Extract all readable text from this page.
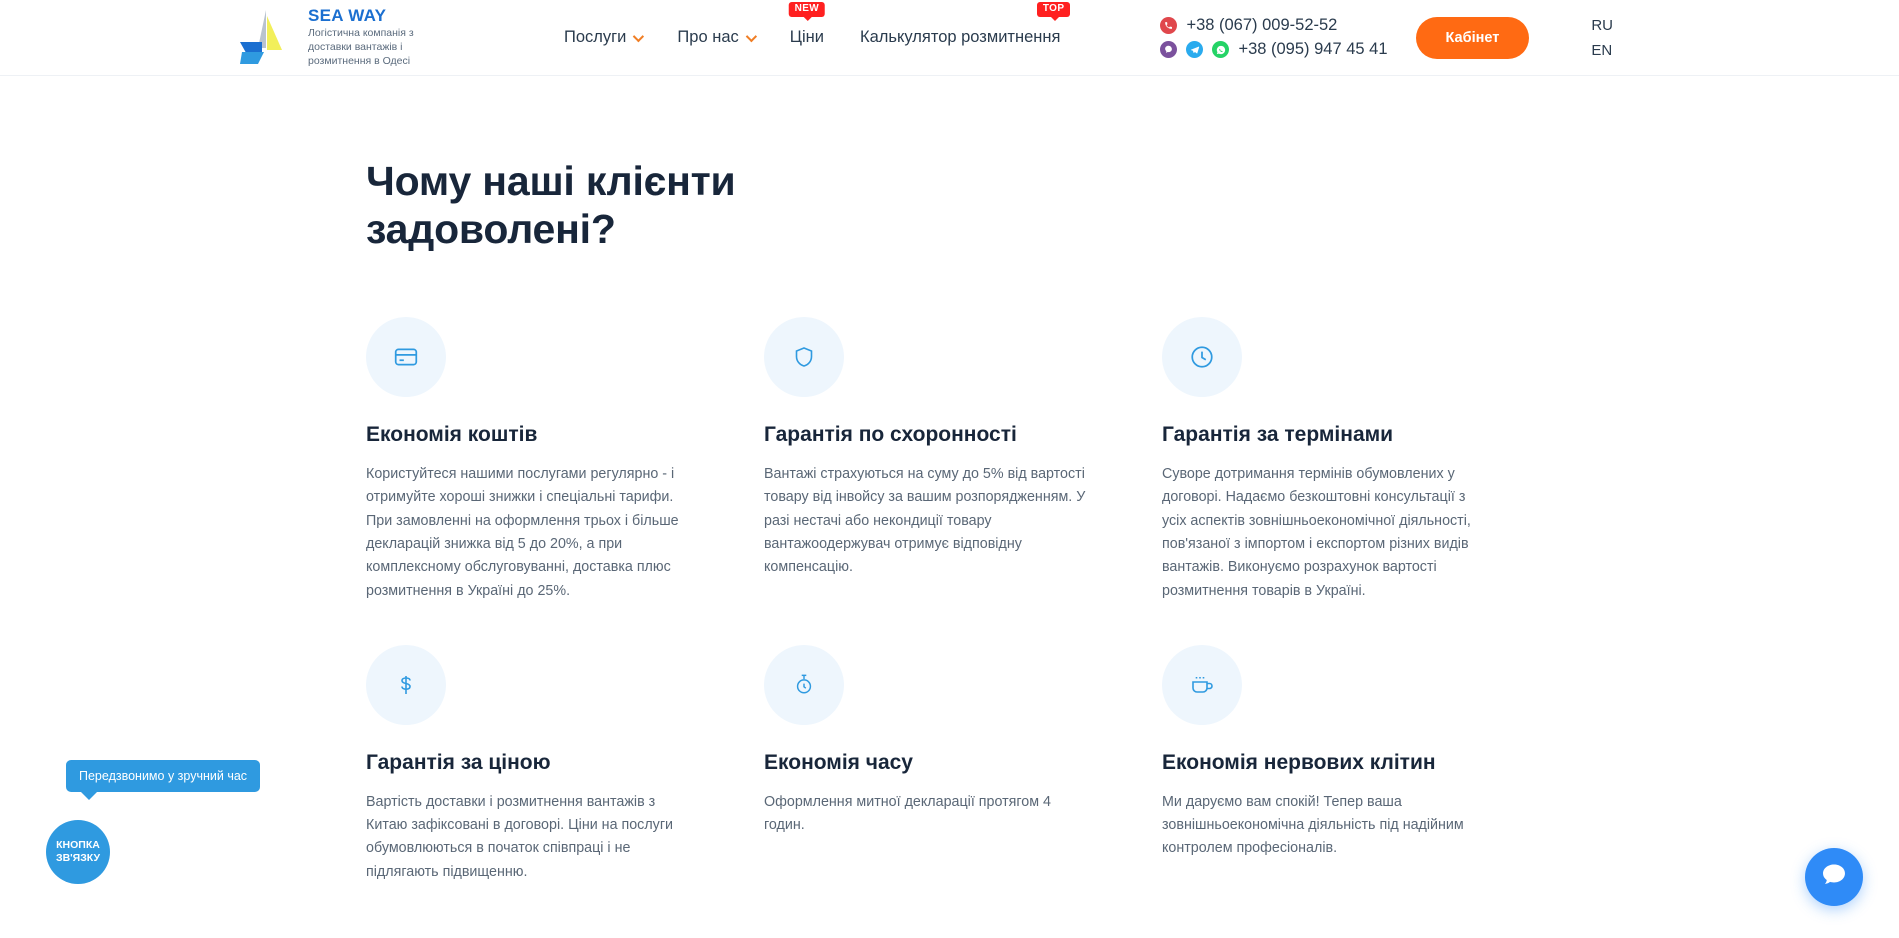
SEA WAY
Логістична компанія з доставки вантажів і розмитнення в Одесі
Послуги	Про нас
NEW
Ціни
TOP
Калькулятор розмитнення
+38 (067) 009-52-52
+38 (095) 947 45 41
Кабінет
RU
EN
Чому наші клієнти задоволені?
Економія коштів

Користуйтеся нашими послугами регулярно - і отримуйте хороші знижки і спеціальні тарифи. При замовленні на оформлення трьох і більше декларацій знижка від 5 до 20%, а при комплексному обслуговуванні, доставка плюс розмитнення в Україні до 25%.

Гарантія по схоронності

Вантажі страхуються на суму до 5% від вартості товару від інвойсу за вашим розпорядженням. У разі нестачі або некондиції товару вантажоодержувач отримує відповідну компенсацію.

Гарантія за термінами

Суворе дотримання термінів обумовлених у договорі. Надаємо безкоштовні консультації з усіх аспектів зовнішньоекономічної діяльності, пов'язаної з імпортом і експортом різних видів вантажів. Виконуємо розрахунок вартості розмитнення товарів в Україні.

Гарантія за ціною

Вартість доставки і розмитнення вантажів з Китаю зафіксовані в договорі. Ціни на послуги обумовлюються в початок співпраці і не підлягають підвищенню.

Економія часу

Оформлення митної декларації протягом 4 годин.

Економія нервових клітин

Ми даруємо вам спокій! Тепер ваша зовнішньоекономічна діяльність під надійним контролем професіоналів.

Передзвонимо у зручний час
КНОПКА ЗВ'ЯЗКУ
